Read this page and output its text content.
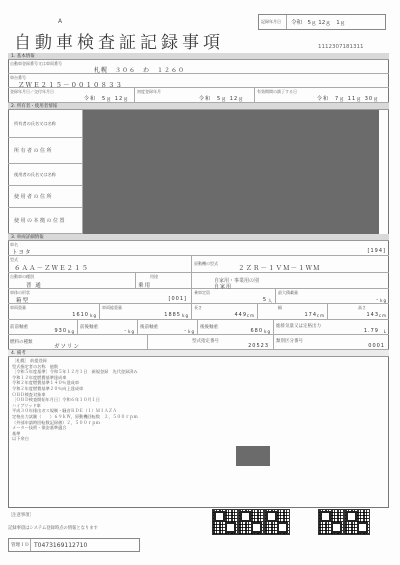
A
自動車検査証記録事項
記録年月日	令和　5ｇ 12ｇ　1ｇ
1112307181311
1. 基本情報
自動車登録番号又は車両番号
札幌　３０６　わ　１２６０
車台番号
ＺＷＥ２１５－００１０８３３
登録年月日／交付年月日
令和　5ｇ 12ｇ　
初度登録年月
令和　5ｇ 12ｇ
有効期間の満了する日
令和　7ｇ 11ｇ 30ｇ
2. 所有者・使用者情報
所有者の氏名又は名称
所有者の住所
使用者の氏名又は名称
使用者の住所
使用の本拠の位置
3. 車両詳細情報
車名
トヨタ	[194]
型式
６ＡＡ－ＺＷＥ２１５
原動機の型式
２ＺＲ－１ＶＭ－１ＷＭ
自動車の種別
普 通
用途
乗用
自家用・事業用の別
自家用
車体の形状
箱型	[001]
乗車定員
5 人
最大積載量
- kg
車両重量
1610 kg
車両総重量
1885 kg
長さ
449 cm
幅
174 cm
高さ
143 cm
前前軸重
930 kg
前後軸重
- kg
後前軸重
- kg
後後軸重
680 kg
総排気量又は定格出力
1.79 L
燃料の種類
ガソリン
型式指定番号
20523
類別区分番号
0001
4. 備考
［札幌］ 前提登録
型式指定者の名称　他数
［令和５年度基準］令和５年１２月１日　新規登録　先代登録済み
令和１２年度燃費基準達成車
令和２年度燃費基準１４０％達成車
令和２年度燃費基準２０％向上達成車
ＯＢＤ検査対象車
［ＯＢＤ検査開始年月日］令和６年１０月１日
ハイブリッド車
平成３０年排出ガス規制・騒音ＲＤＥ（Ｉ）ＭＩＡＺＡ
定格出力試験（　　）６９ｋＷ，原動機回転数　２，５００ｒｐｍ
（外部申請時回転数記録値）２，５００ｒｐｍ
メーター技術・保安基準適合
基準
以下余白
［注意事項］
記録事項はシステム登録時点の情報となります
管理ＩＤ T0473169112710
